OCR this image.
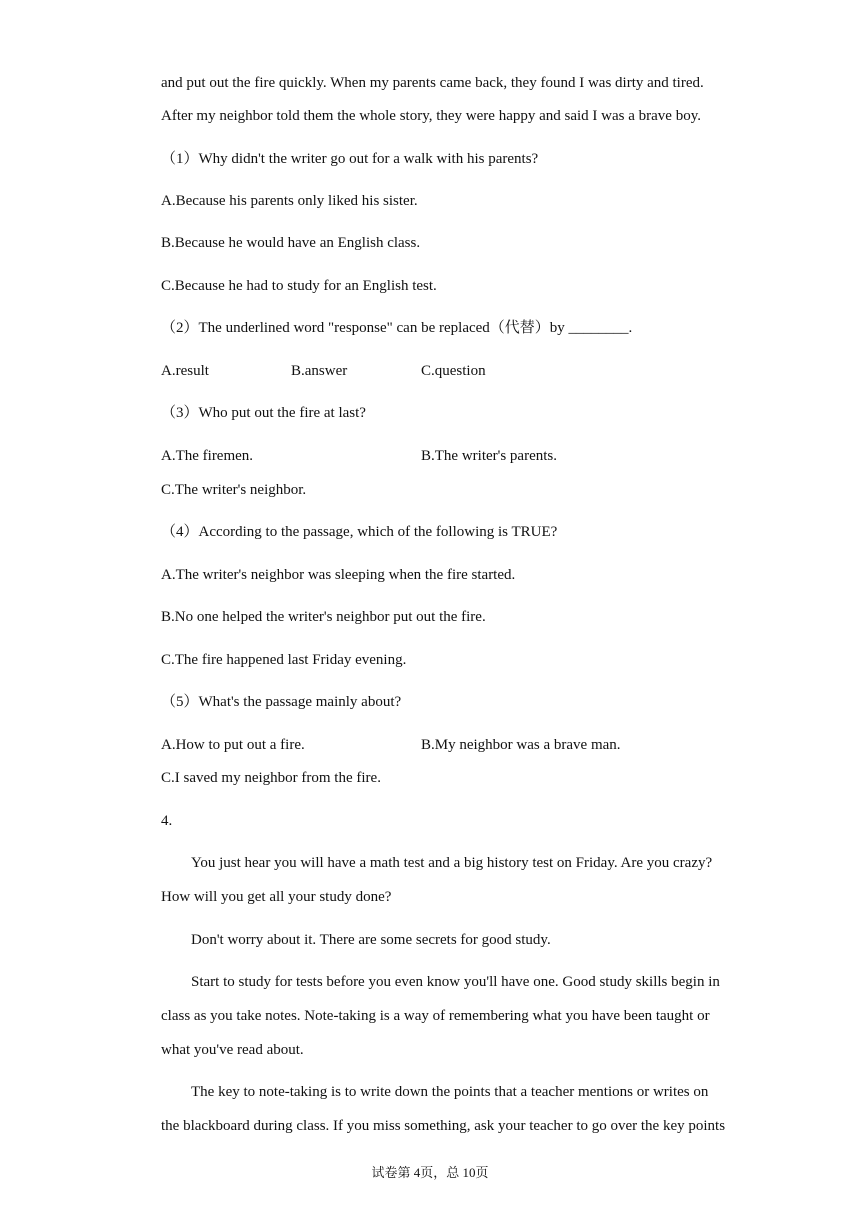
and put out the fire quickly. When my parents came back, they found I was dirty and tired.
After my neighbor told them the whole story, they were happy and said I was a brave boy.
（1）Why didn't the writer go out for a walk with his parents?
A.Because his parents only liked his sister.
B.Because he would have an English class.
C.Because he had to study for an English test.
（2）The underlined word "response" can be replaced（代替）by ________.
A.result	B.answer	C.question
（3）Who put out the fire at last?
A.The firemen.	B.The writer's parents.
C.The writer's neighbor.
（4）According to the passage, which of the following is TRUE?
A.The writer's neighbor was sleeping when the fire started.
B.No one helped the writer's neighbor put out the fire.
C.The fire happened last Friday evening.
（5）What's the passage mainly about?
A.How to put out a fire.	B.My neighbor was a brave man.
C.I saved my neighbor from the fire.
4.
You just hear you will have a math test and a big history test on Friday. Are you crazy?
How will you get all your study done?
Don't worry about it. There are some secrets for good study.
Start to study for tests before you even know you'll have one. Good study skills begin in
class as you take notes. Note-taking is a way of remembering what you have been taught or
what you've read about.
The key to note-taking is to write down the points that a teacher mentions or writes on
the blackboard during class. If you miss something, ask your teacher to go over the key points
试卷第 4页，总 10页
